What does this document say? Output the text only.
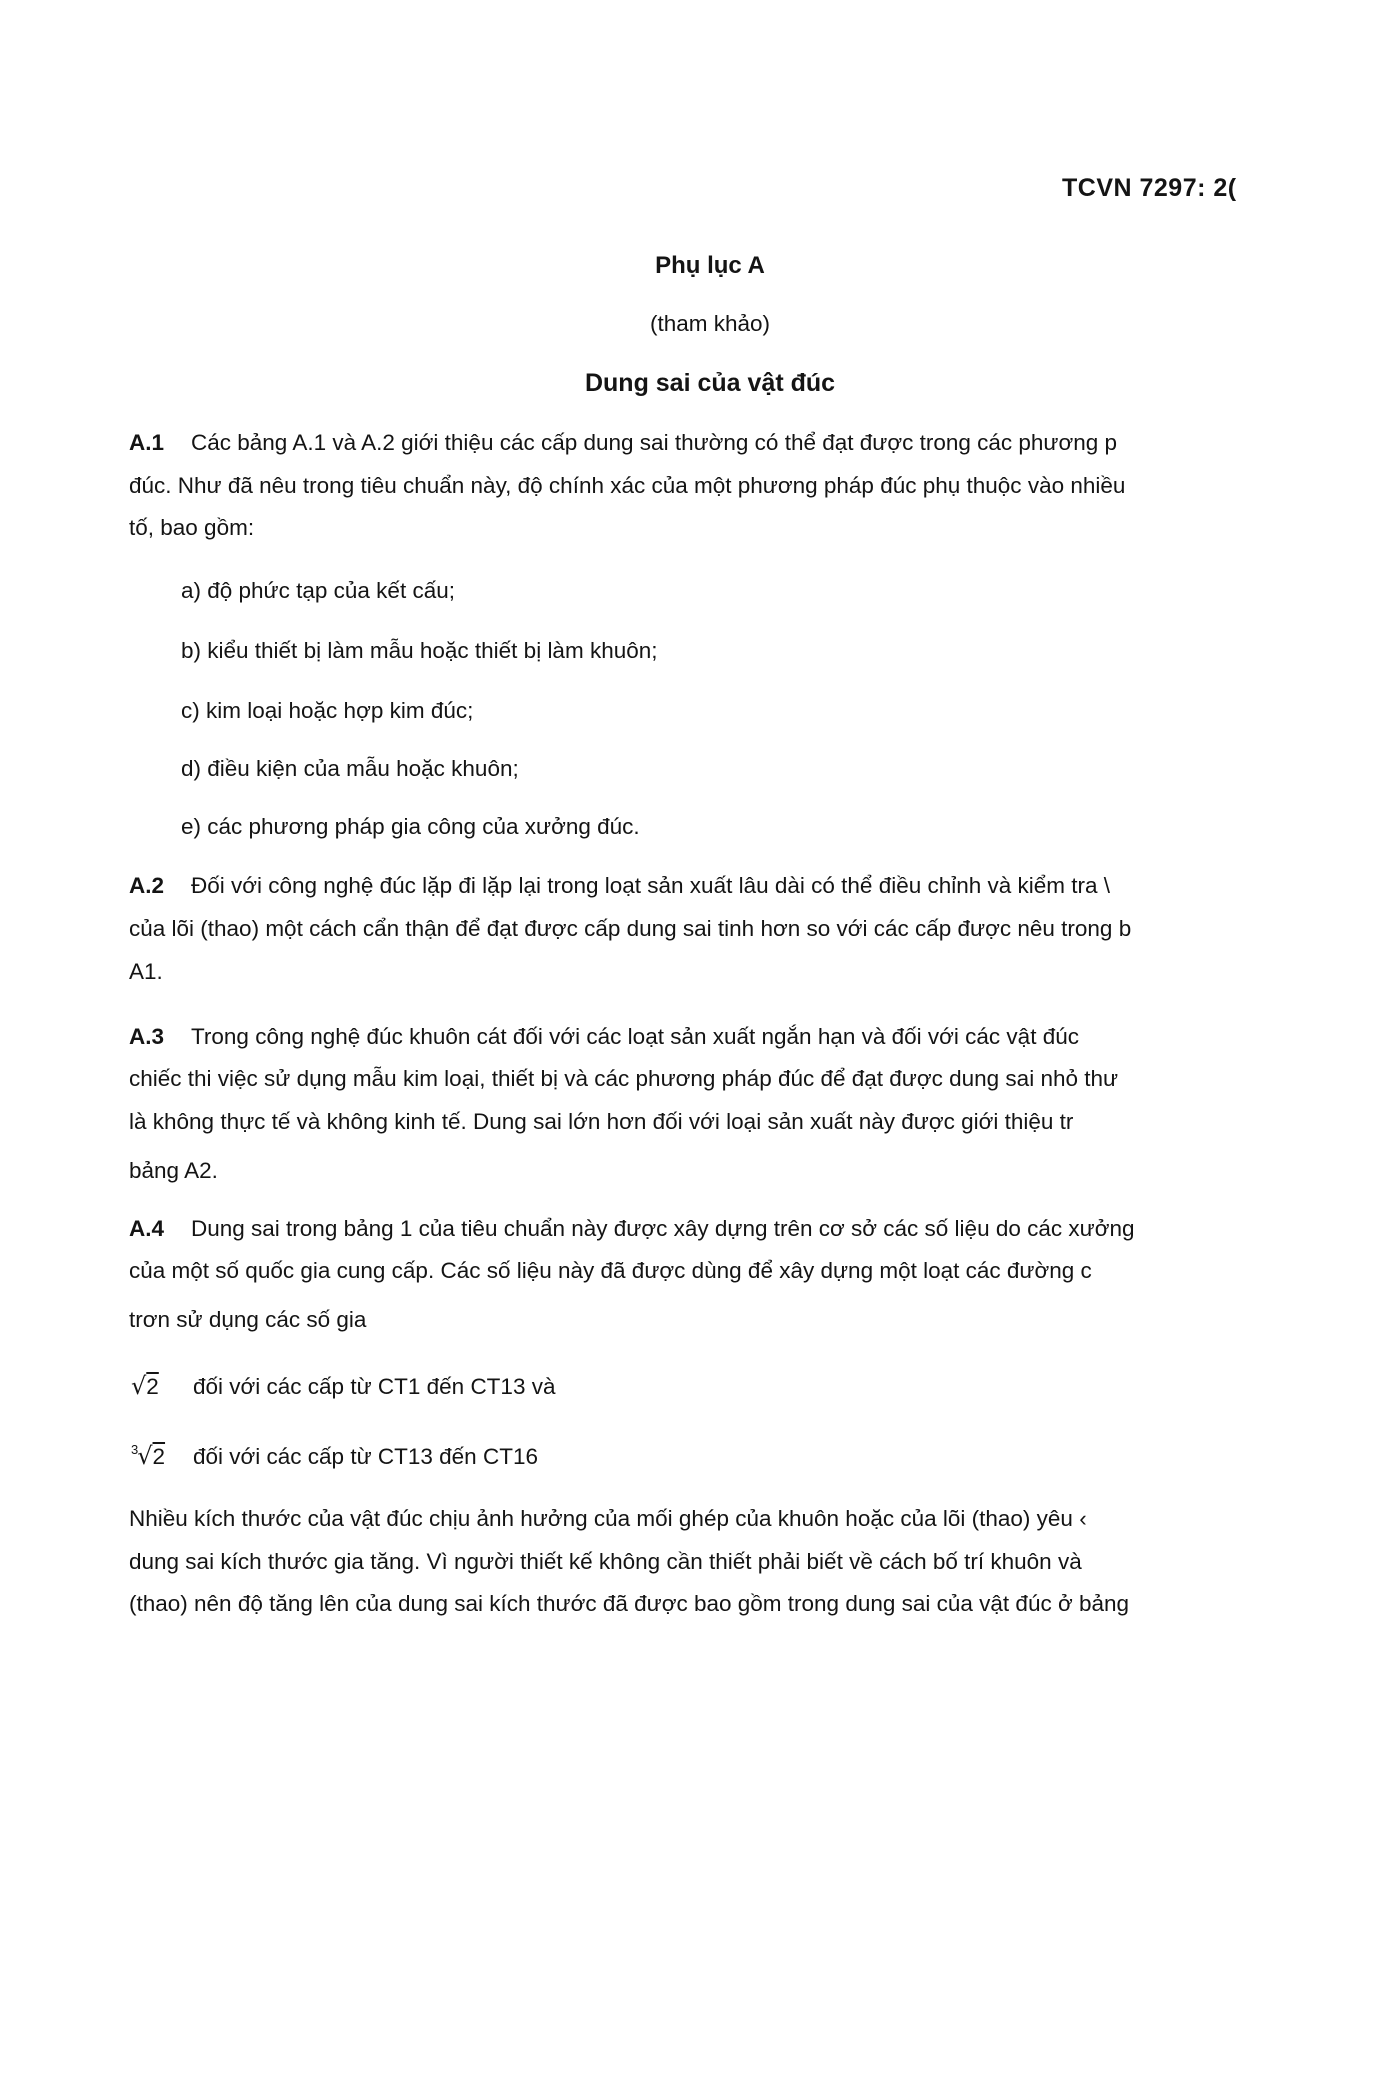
TCVN 7297: 2(
Phụ lục A
(tham khảo)
Dung sai của vật đúc
A.1 Các bảng A.1 và A.2 giới thiệu các cấp dung sai thường có thể đạt được trong các phương p
đúc. Như đã nêu trong tiêu chuẩn này, độ chính xác của một phương pháp đúc phụ thuộc vào nhiều
tố, bao gồm:
a) độ phức tạp của kết cấu;
b) kiểu thiết bị làm mẫu hoặc thiết bị làm khuôn;
c) kim loại hoặc hợp kim đúc;
d) điều kiện của mẫu hoặc khuôn;
e) các phương pháp gia công của xưởng đúc.
A.2 Đối với công nghệ đúc lặp đi lặp lại trong loạt sản xuất lâu dài có thể điều chỉnh và kiểm tra \
của lõi (thao) một cách cẩn thận để đạt được cấp dung sai tinh hơn so với các cấp được nêu trong b
A1.
A.3 Trong công nghệ đúc khuôn cát đối với các loạt sản xuất ngắn hạn và đối với các vật đúc
chiếc thi việc sử dụng mẫu kim loại, thiết bị và các phương pháp đúc để đạt được dung sai nhỏ thư
là không thực tế và không kinh tế. Dung sai lớn hơn đối với loại sản xuất này được giới thiệu tr
bảng A2.
A.4 Dung sai trong bảng 1 của tiêu chuẩn này được xây dựng trên cơ sở các số liệu do các xưởng
của một số quốc gia cung cấp. Các số liệu này đã được dùng để xây dựng một loạt các đường c
trơn sử dụng các số gia
√2 đối với các cấp từ CT1 đến CT13 và
3√2 đối với các cấp từ CT13 đến CT16
Nhiều kích thước của vật đúc chịu ảnh hưởng của mối ghép của khuôn hoặc của lõi (thao) yêu ‹
dung sai kích thước gia tăng. Vì người thiết kế không cần thiết phải biết về cách bố trí khuôn và
(thao) nên độ tăng lên của dung sai kích thước đã được bao gồm trong dung sai của vật đúc ở bảng
